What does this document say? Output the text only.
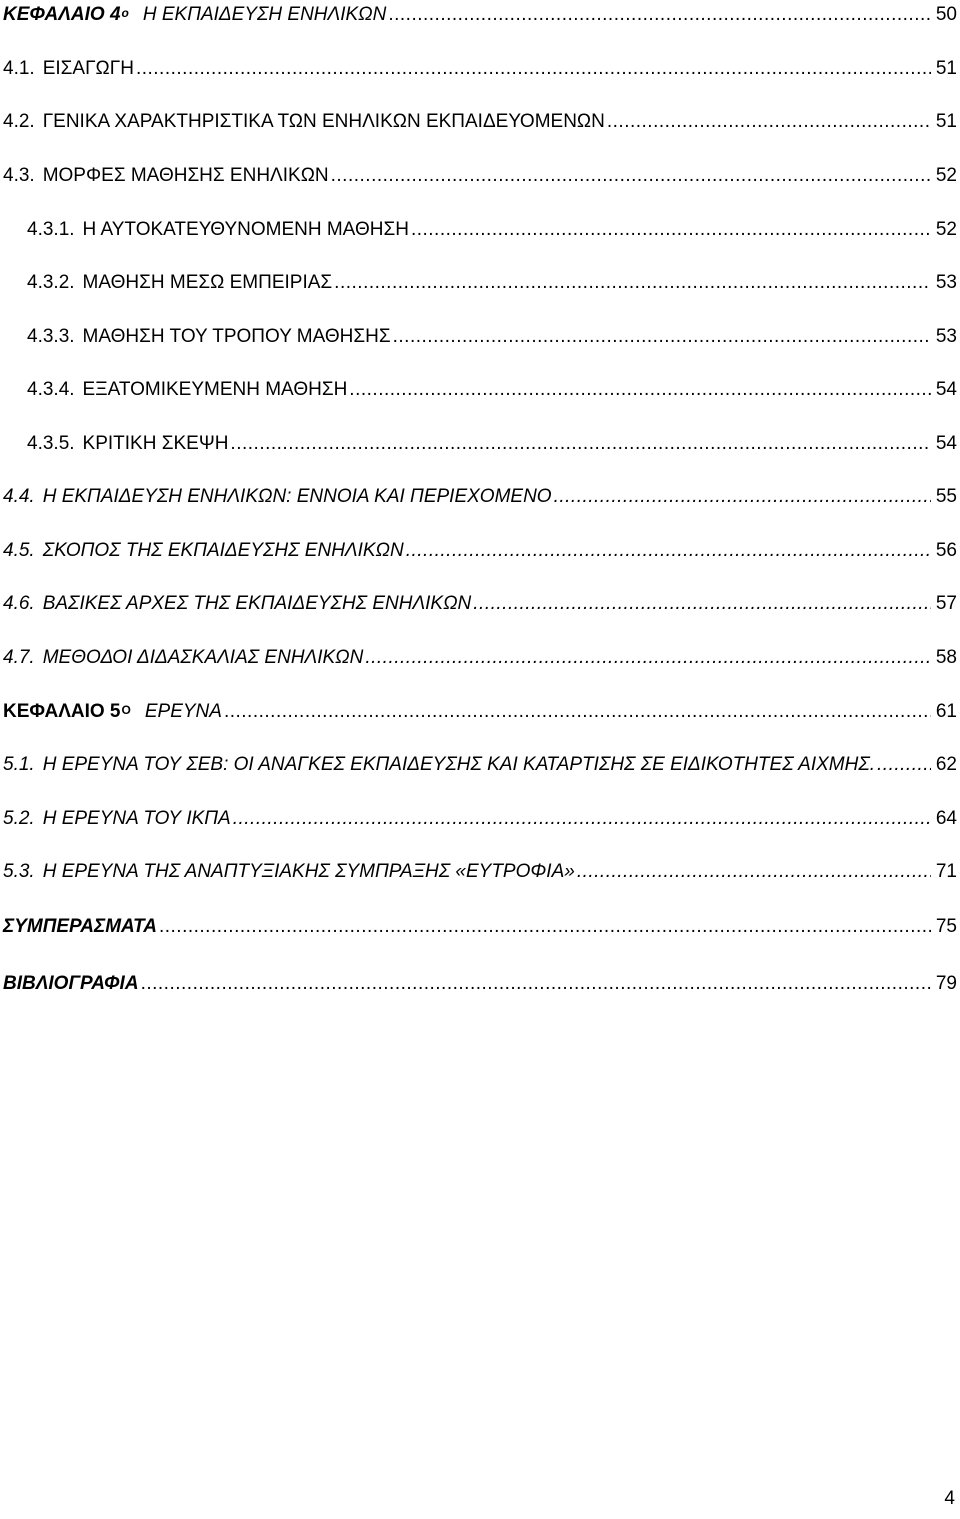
ΚΕΦΑΛΑΙΟ $4^o$ Η ΕΚΠΑΙΔΕΥΣΗ ΕΝΗΛΙΚΩΝ .....	50
4.1. ΕΙΣΑΓΩΓΗ .....	51
4.2. ΓΕΝΙΚΑ ΧΑΡΑΚΤΗΡΙΣΤΙΚΑ ΤΩΝ ΕΝΗΛΙΚΩΝ ΕΚΠΑΙΔΕΥΟΜΕΝΩΝ .....	51
4.3. ΜΟΡΦΕΣ ΜΑΘΗΣΗΣ ΕΝΗΛΙΚΩΝ .....	52
4.3.1. Η ΑΥΤΟΚΑΤΕΥΘΥΝΟΜΕΝΗ ΜΑΘΗΣΗ .....	52
4.3.2. ΜΑΘΗΣΗ ΜΕΣΩ ΕΜΠΕΙΡΙΑΣ .....	53
4.3.3. ΜΑΘΗΣΗ ΤΟΥ ΤΡΟΠΟΥ ΜΑΘΗΣΗΣ .....	53
4.3.4. ΕΞΑΤΟΜΙΚΕΥΜΕΝΗ ΜΑΘΗΣΗ .....	54
4.3.5. ΚΡΙΤΙΚΗ ΣΚΕΨΗ .....	54
4.4. Η ΕΚΠΑΙΔΕΥΣΗ ΕΝΗΛΙΚΩΝ: ΕΝΝΟΙΑ ΚΑΙ ΠΕΡΙΕΧΟΜΕΝΟ .....	55
4.5. ΣΚΟΠΟΣ ΤΗΣ ΕΚΠΑΙΔΕΥΣΗΣ ΕΝΗΛΙΚΩΝ .....	56
4.6. ΒΑΣΙΚΕΣ ΑΡΧΕΣ ΤΗΣ ΕΚΠΑΙΔΕΥΣΗΣ ΕΝΗΛΙΚΩΝ .....	57
4.7. ΜΕΘΟΔΟΙ ΔΙΔΑΣΚΑΛΙΑΣ ΕΝΗΛΙΚΩΝ .....	58
ΚΕΦΑΛΑΙΟ $5^O$ ΕΡΕΥΝΑ .....	61
5.1. Η ΕΡΕΥΝΑ ΤΟΥ ΣΕΒ: ΟΙ ΑΝΑΓΚΕΣ ΕΚΠΑΙΔΕΥΣΗΣ ΚΑΙ ΚΑΤΑΡΤΙΣΗΣ ΣΕ ΕΙΔΙΚΟΤΗΤΕΣ ΑΙΧΜΗΣ. .....	62
5.2. Η ΕΡΕΥΝΑ ΤΟΥ ΙΚΠΑ .....	64
5.3. Η ΕΡΕΥΝΑ ΤΗΣ ΑΝΑΠΤΥΞΙΑΚΗΣ ΣΥΜΠΡΑΞΗΣ «ΕΥΤΡΟΦΙΑ» .....	71
ΣΥΜΠΕΡΑΣΜΑΤΑ .....	75
ΒΙΒΛΙΟΓΡΑΦΙΑ .....	79
4
